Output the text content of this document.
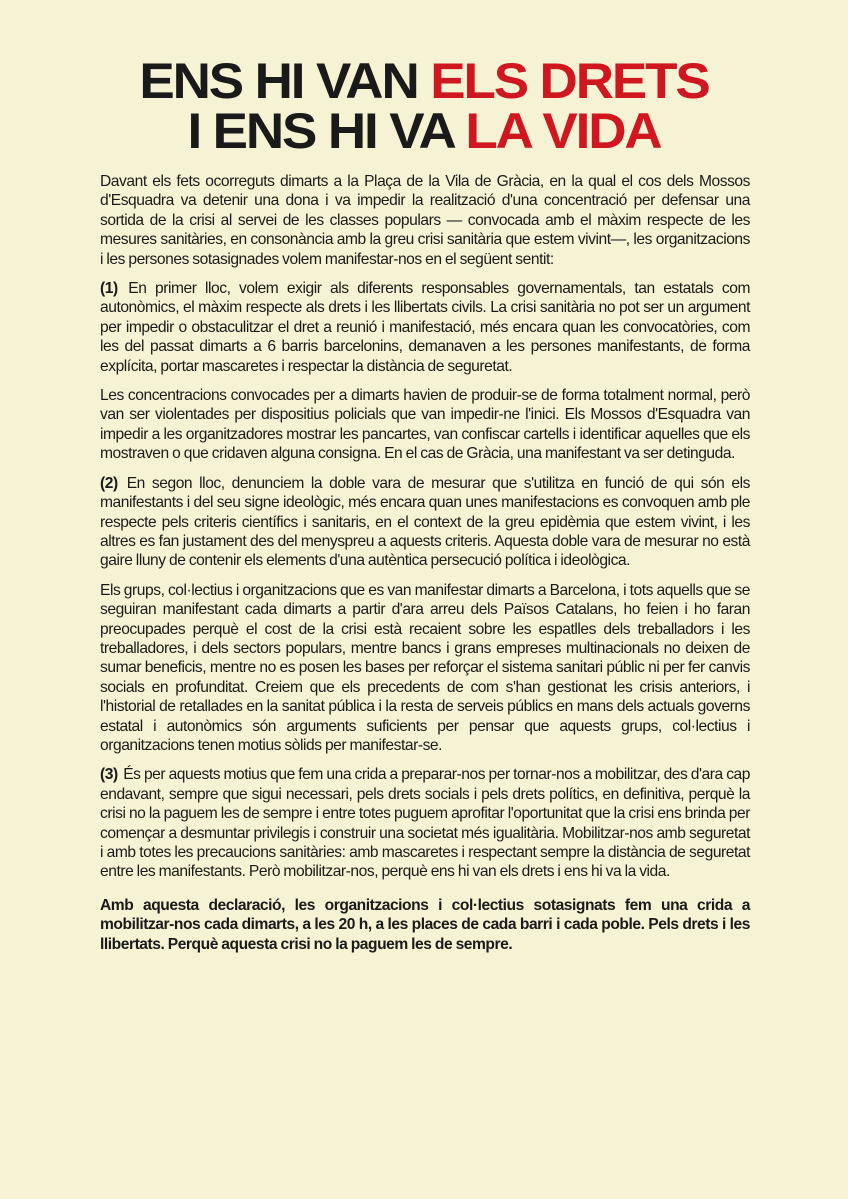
ENS HI VAN ELS DRETS
I ENS HI VA LA VIDA

Davant els fets ocorreguts dimarts a la Plaça de la Vila de Gràcia, en la qual el cos dels Mossos d'Esquadra va detenir una dona i va impedir la realització d'una concentració per defensar una sortida de la crisi al servei de les classes populars — convocada amb el màxim respecte de les mesures sanitàries, en consonància amb la greu crisi sanitària que estem vivint—, les organitzacions i les persones sotasignades volem manifestar-nos en el següent sentit:

(1) En primer lloc, volem exigir als diferents responsables governamentals, tan estatals com autonòmics, el màxim respecte als drets i les llibertats civils. La crisi sanitària no pot ser un argument per impedir o obstaculitzar el dret a reunió i manifestació, més encara quan les convocatòries, com les del passat dimarts a 6 barris barcelonins, demanaven a les persones manifestants, de forma explícita, portar mascaretes i respectar la distància de seguretat.

Les concentracions convocades per a dimarts havien de produir-se de forma totalment normal, però van ser violentades per dispositius policials que van impedir-ne l'inici. Els Mossos d'Esquadra van impedir a les organitzadores mostrar les pancartes, van confiscar cartells i identificar aquelles que els mostraven o que cridaven alguna consigna. En el cas de Gràcia, una manifestant va ser detinguda.

(2) En segon lloc, denunciem la doble vara de mesurar que s'utilitza en funció de qui són els manifestants i del seu signe ideològic, més encara quan unes manifestacions es convoquen amb ple respecte pels criteris científics i sanitaris, en el context de la greu epidèmia que estem vivint, i les altres es fan justament des del menyspreu a aquests criteris. Aquesta doble vara de mesurar no està gaire lluny de contenir els elements d'una autèntica persecució política i ideològica.

Els grups, col·lectius i organitzacions que es van manifestar dimarts a Barcelona, i tots aquells que se seguiran manifestant cada dimarts a partir d'ara arreu dels Països Catalans, ho feien i ho faran preocupades perquè el cost de la crisi està recaient sobre les espatlles dels treballadors i les treballadores, i dels sectors populars, mentre bancs i grans empreses multinacionals no deixen de sumar beneficis, mentre no es posen les bases per reforçar el sistema sanitari públic ni per fer canvis socials en profunditat. Creiem que els precedents de com s'han gestionat les crisis anteriors, i l'historial de retallades en la sanitat pública i la resta de serveis públics en mans dels actuals governs estatal i autonòmics són arguments suficients per pensar que aquests grups, col·lectius i organitzacions tenen motius sòlids per manifestar-se.

(3) És per aquests motius que fem una crida a preparar-nos per tornar-nos a mobilitzar, des d'ara cap endavant, sempre que sigui necessari, pels drets socials i pels drets polítics, en definitiva, perquè la crisi no la paguem les de sempre i entre totes puguem aprofitar l'oportunitat que la crisi ens brinda per començar a desmuntar privilegis i construir una societat més igualitària. Mobilitzar-nos amb seguretat i amb totes les precaucions sanitàries: amb mascaretes i respectant sempre la distància de seguretat entre les manifestants. Però mobilitzar-nos, perquè ens hi van els drets i ens hi va la vida.

Amb aquesta declaració, les organitzacions i col·lectius sotasignats fem una crida a mobilitzar-nos cada dimarts, a les 20 h, a les places de cada barri i cada poble. Pels drets i les llibertats. Perquè aquesta crisi no la paguem les de sempre.
